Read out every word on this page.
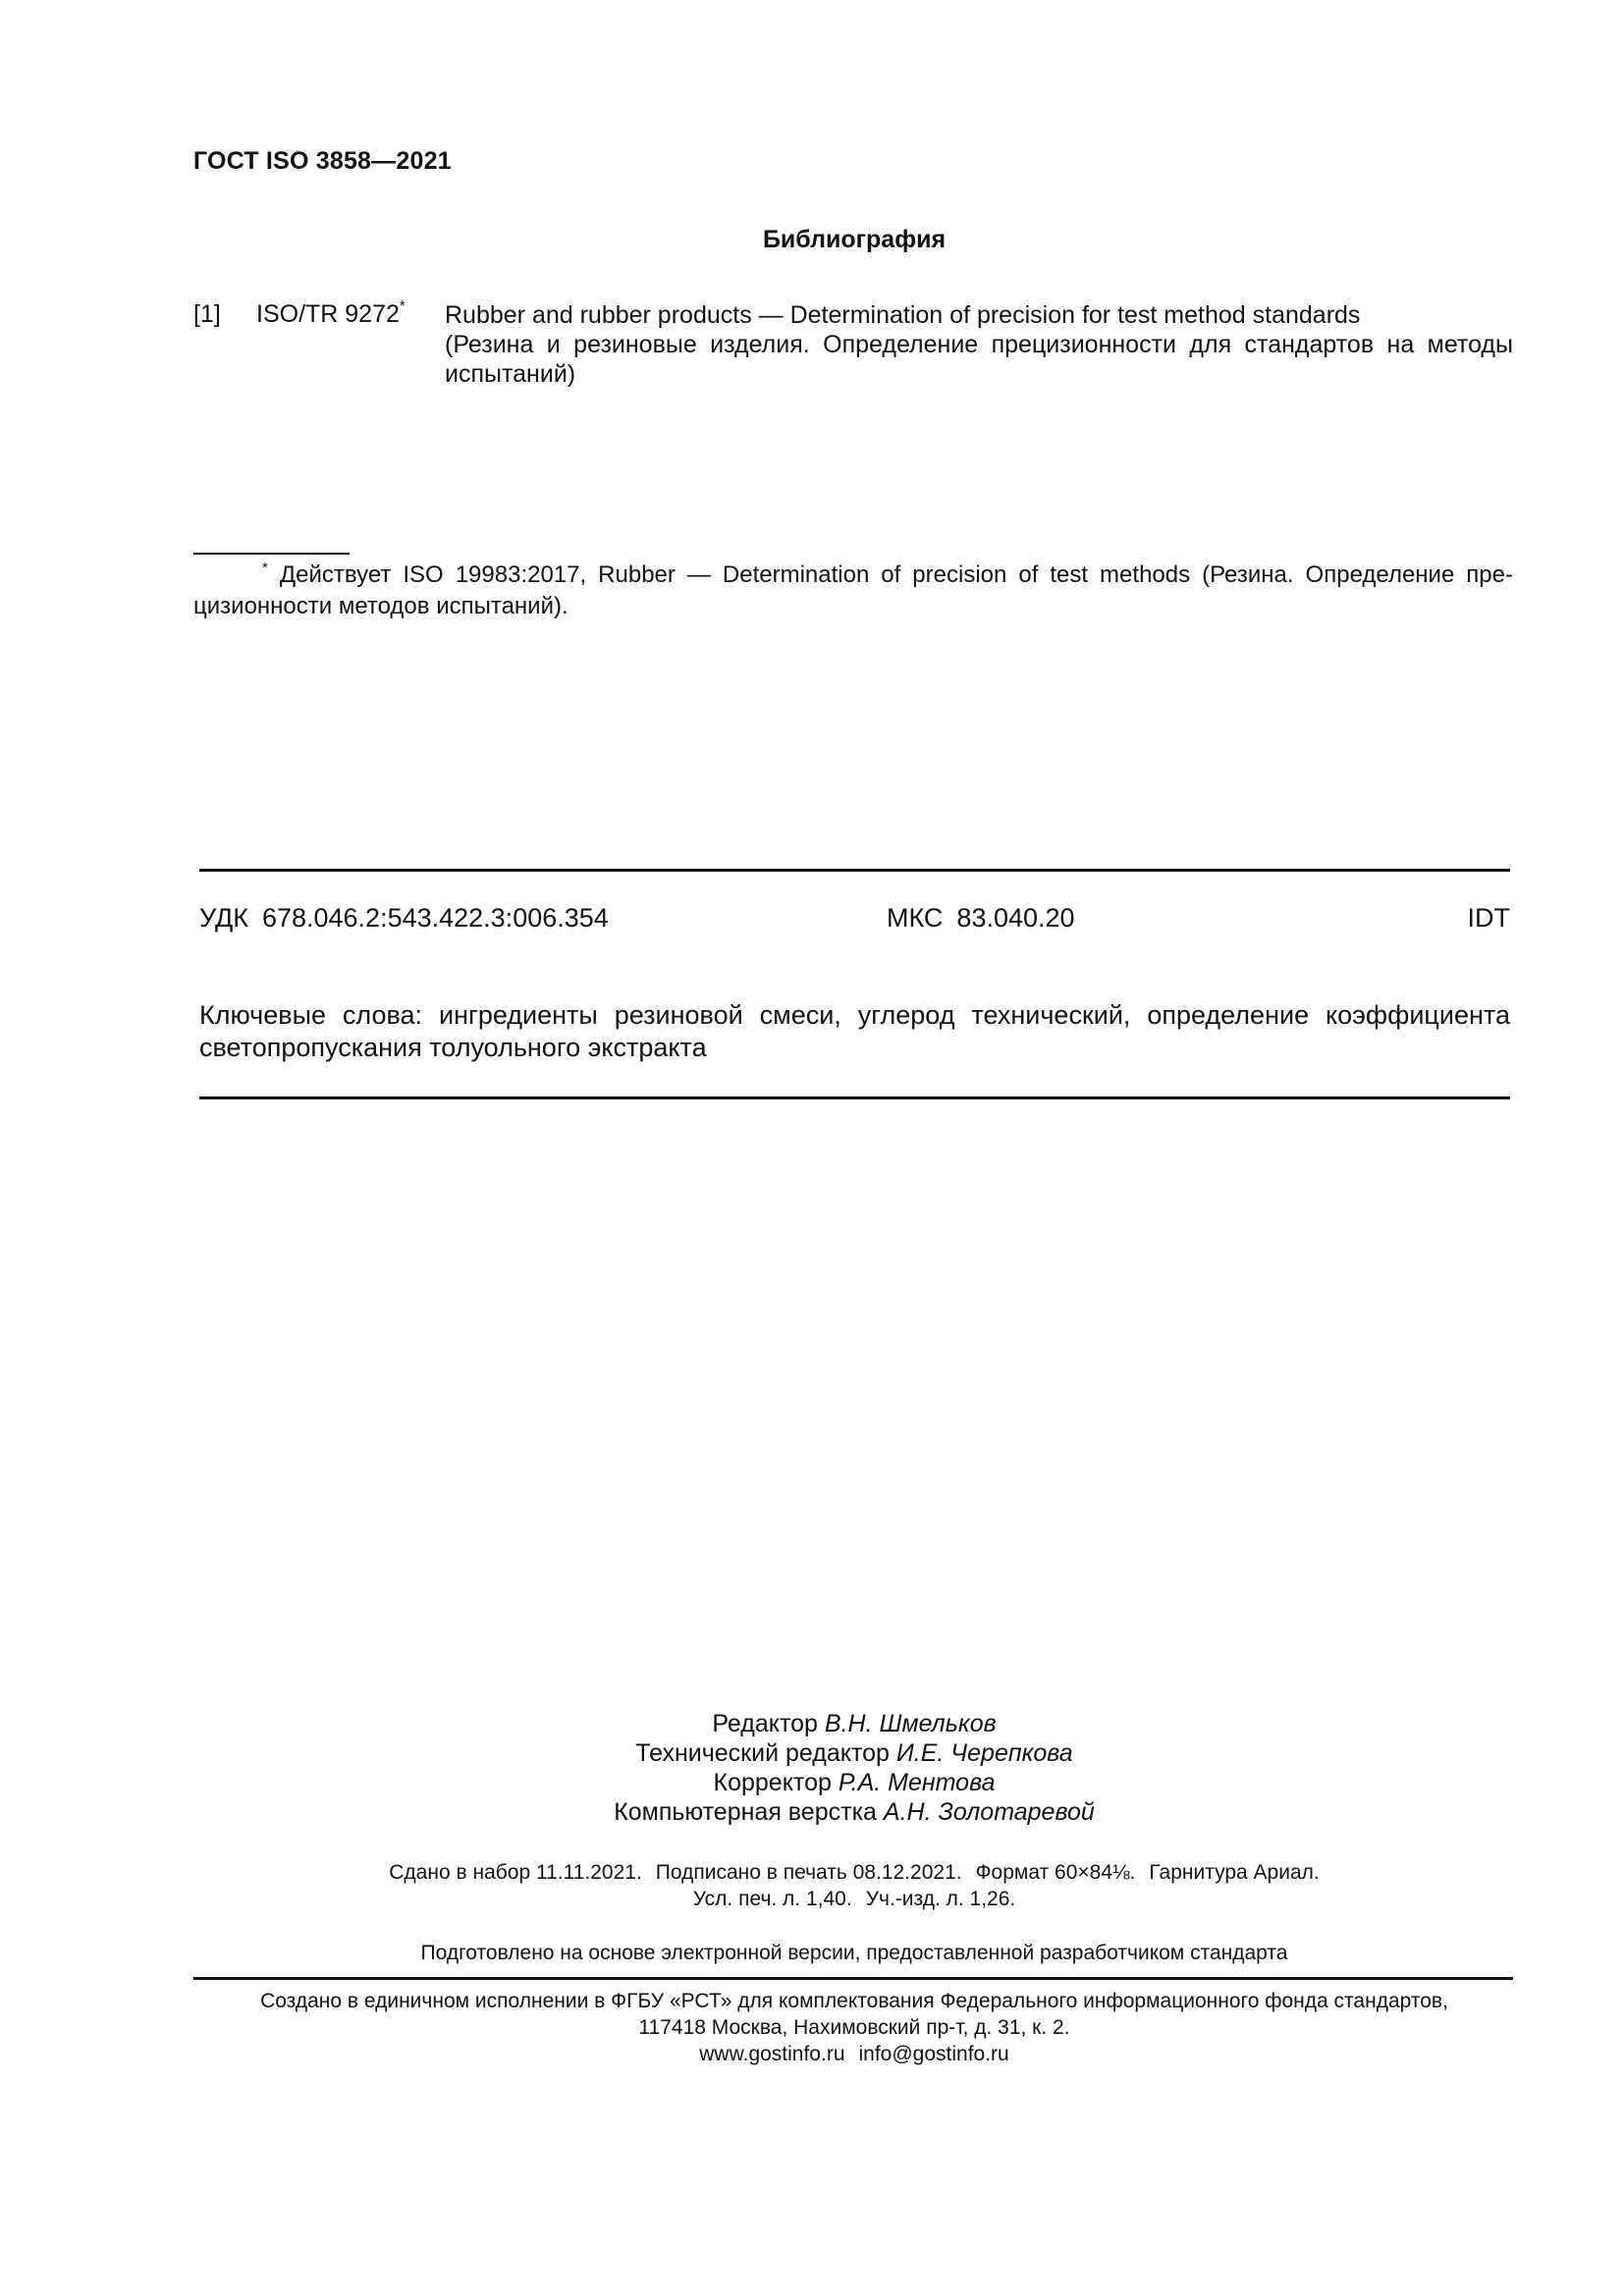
ГОСТ ISO 3858—2021
Библиография
[1] ISO/TR 9272* Rubber and rubber products — Determination of precision for test method standards
(Резина и резиновые изделия. Определение прецизионности для стандартов на методы испытаний)
* Действует ISO 19983:2017, Rubber — Determination of precision of test methods (Резина. Определение прецизионности методов испытаний).
УДК 678.046.2:543.422.3:006.354	МКС 83.040.20	IDT
Ключевые слова: ингредиенты резиновой смеси, углерод технический, определение коэффициента светопропускания толуольного экстракта
Редактор В.Н. Шмельков
Технический редактор И.Е. Черепкова
Корректор Р.А. Ментова
Компьютерная верстка А.Н. Золотаревой
Сдано в набор 11.11.2021. Подписано в печать 08.12.2021. Формат 60×84⅛. Гарнитура Ариал.
Усл. печ. л. 1,40. Уч.-изд. л. 1,26.
Подготовлено на основе электронной версии, предоставленной разработчиком стандарта
Создано в единичном исполнении в ФГБУ «РСТ» для комплектования Федерального информационного фонда стандартов,
117418 Москва, Нахимовский пр-т, д. 31, к. 2.
www.gostinfo.ru info@gostinfo.ru
